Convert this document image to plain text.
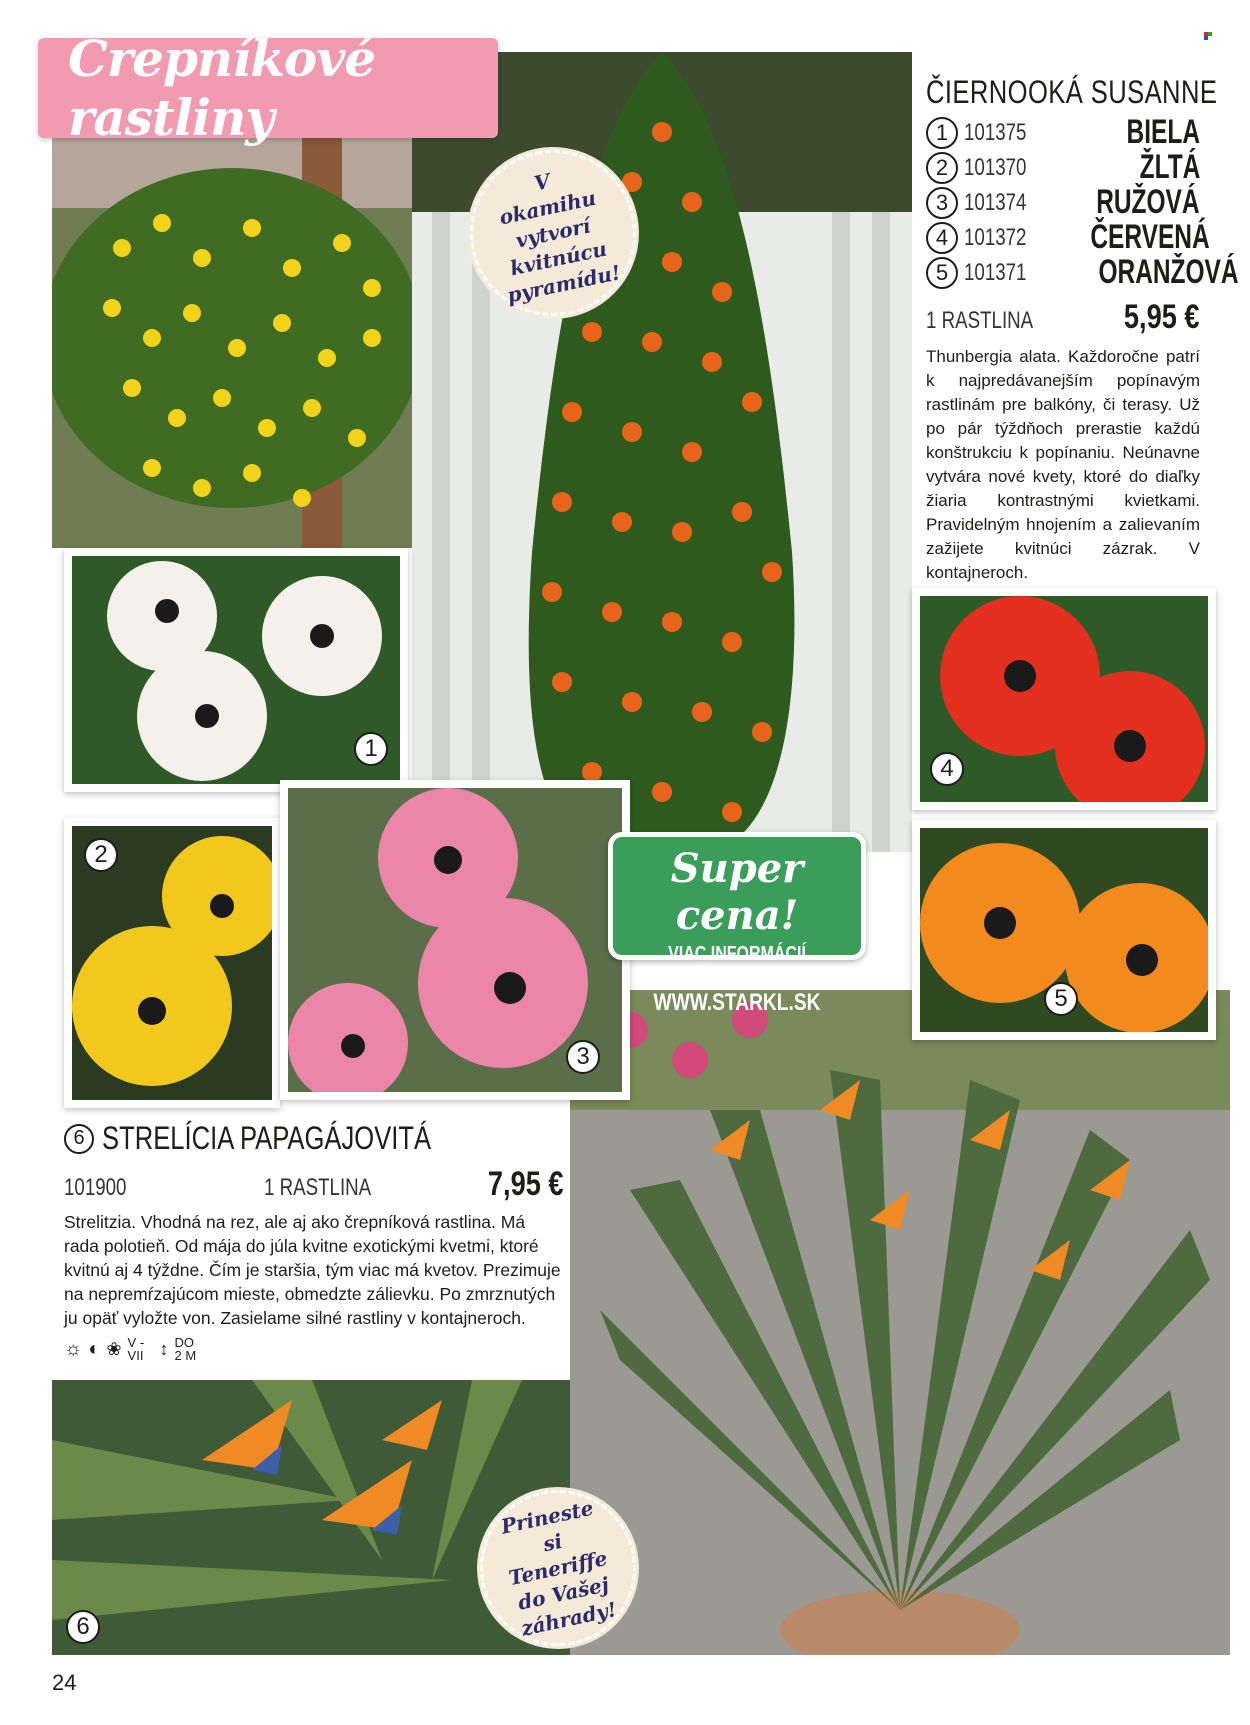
Črepníkové rastliny
V okamihu vytvorí kvitnúcu pyramídu!
ČIERNOOKÁ SUSANNE
1 101375	BIELA
2 101370	ŽLTÁ
3 101374 RUŽOVÁ
4 101372 ČERVENÁ
5 101371 ORANŽOVÁ
1 RASTLINA	5,95 €
Thunbergia alata. Každoročne patrí k najpredávanejším popínavým rastlinám pre balkóny, či terasy. Už po pár týždňoch prerastie každú konštrukciu k popínaniu. Neúnavne vytvára nové kvety, ktoré do diaľky žiaria kontrastnými kvietkami. Pravidelným hnojením a zalievaním zažijete kvitnúci zázrak. V kontajneroch.
1
2
3
4
5
Super cena!
VIAC INFORMÁCIÍ NÁJDETE NA
WWW.STARKL.SK
6 STRELÍCIA PAPAGÁJOVITÁ
101900	1 RASTLINA	7,95 €
Strelitzia. Vhodná na rez, ale aj ako črepníková rastlina. Má rada polotieň. Od mája do júla kvitne exotickými kvetmi, ktoré kvitnú aj 4 týždne. Čím je staršia, tým viac má kvetov. Prezimuje na nepremŕzajúcom mieste, obmedzte zálievku. Po zmrznutých ju opäť vyložte von. Zasielame silné rastliny v kontajneroch.
☼ ◐ ❀ V - VII ↕ DO 2 M
6
Prineste si Teneriffe do Vašej záhrady!
24
